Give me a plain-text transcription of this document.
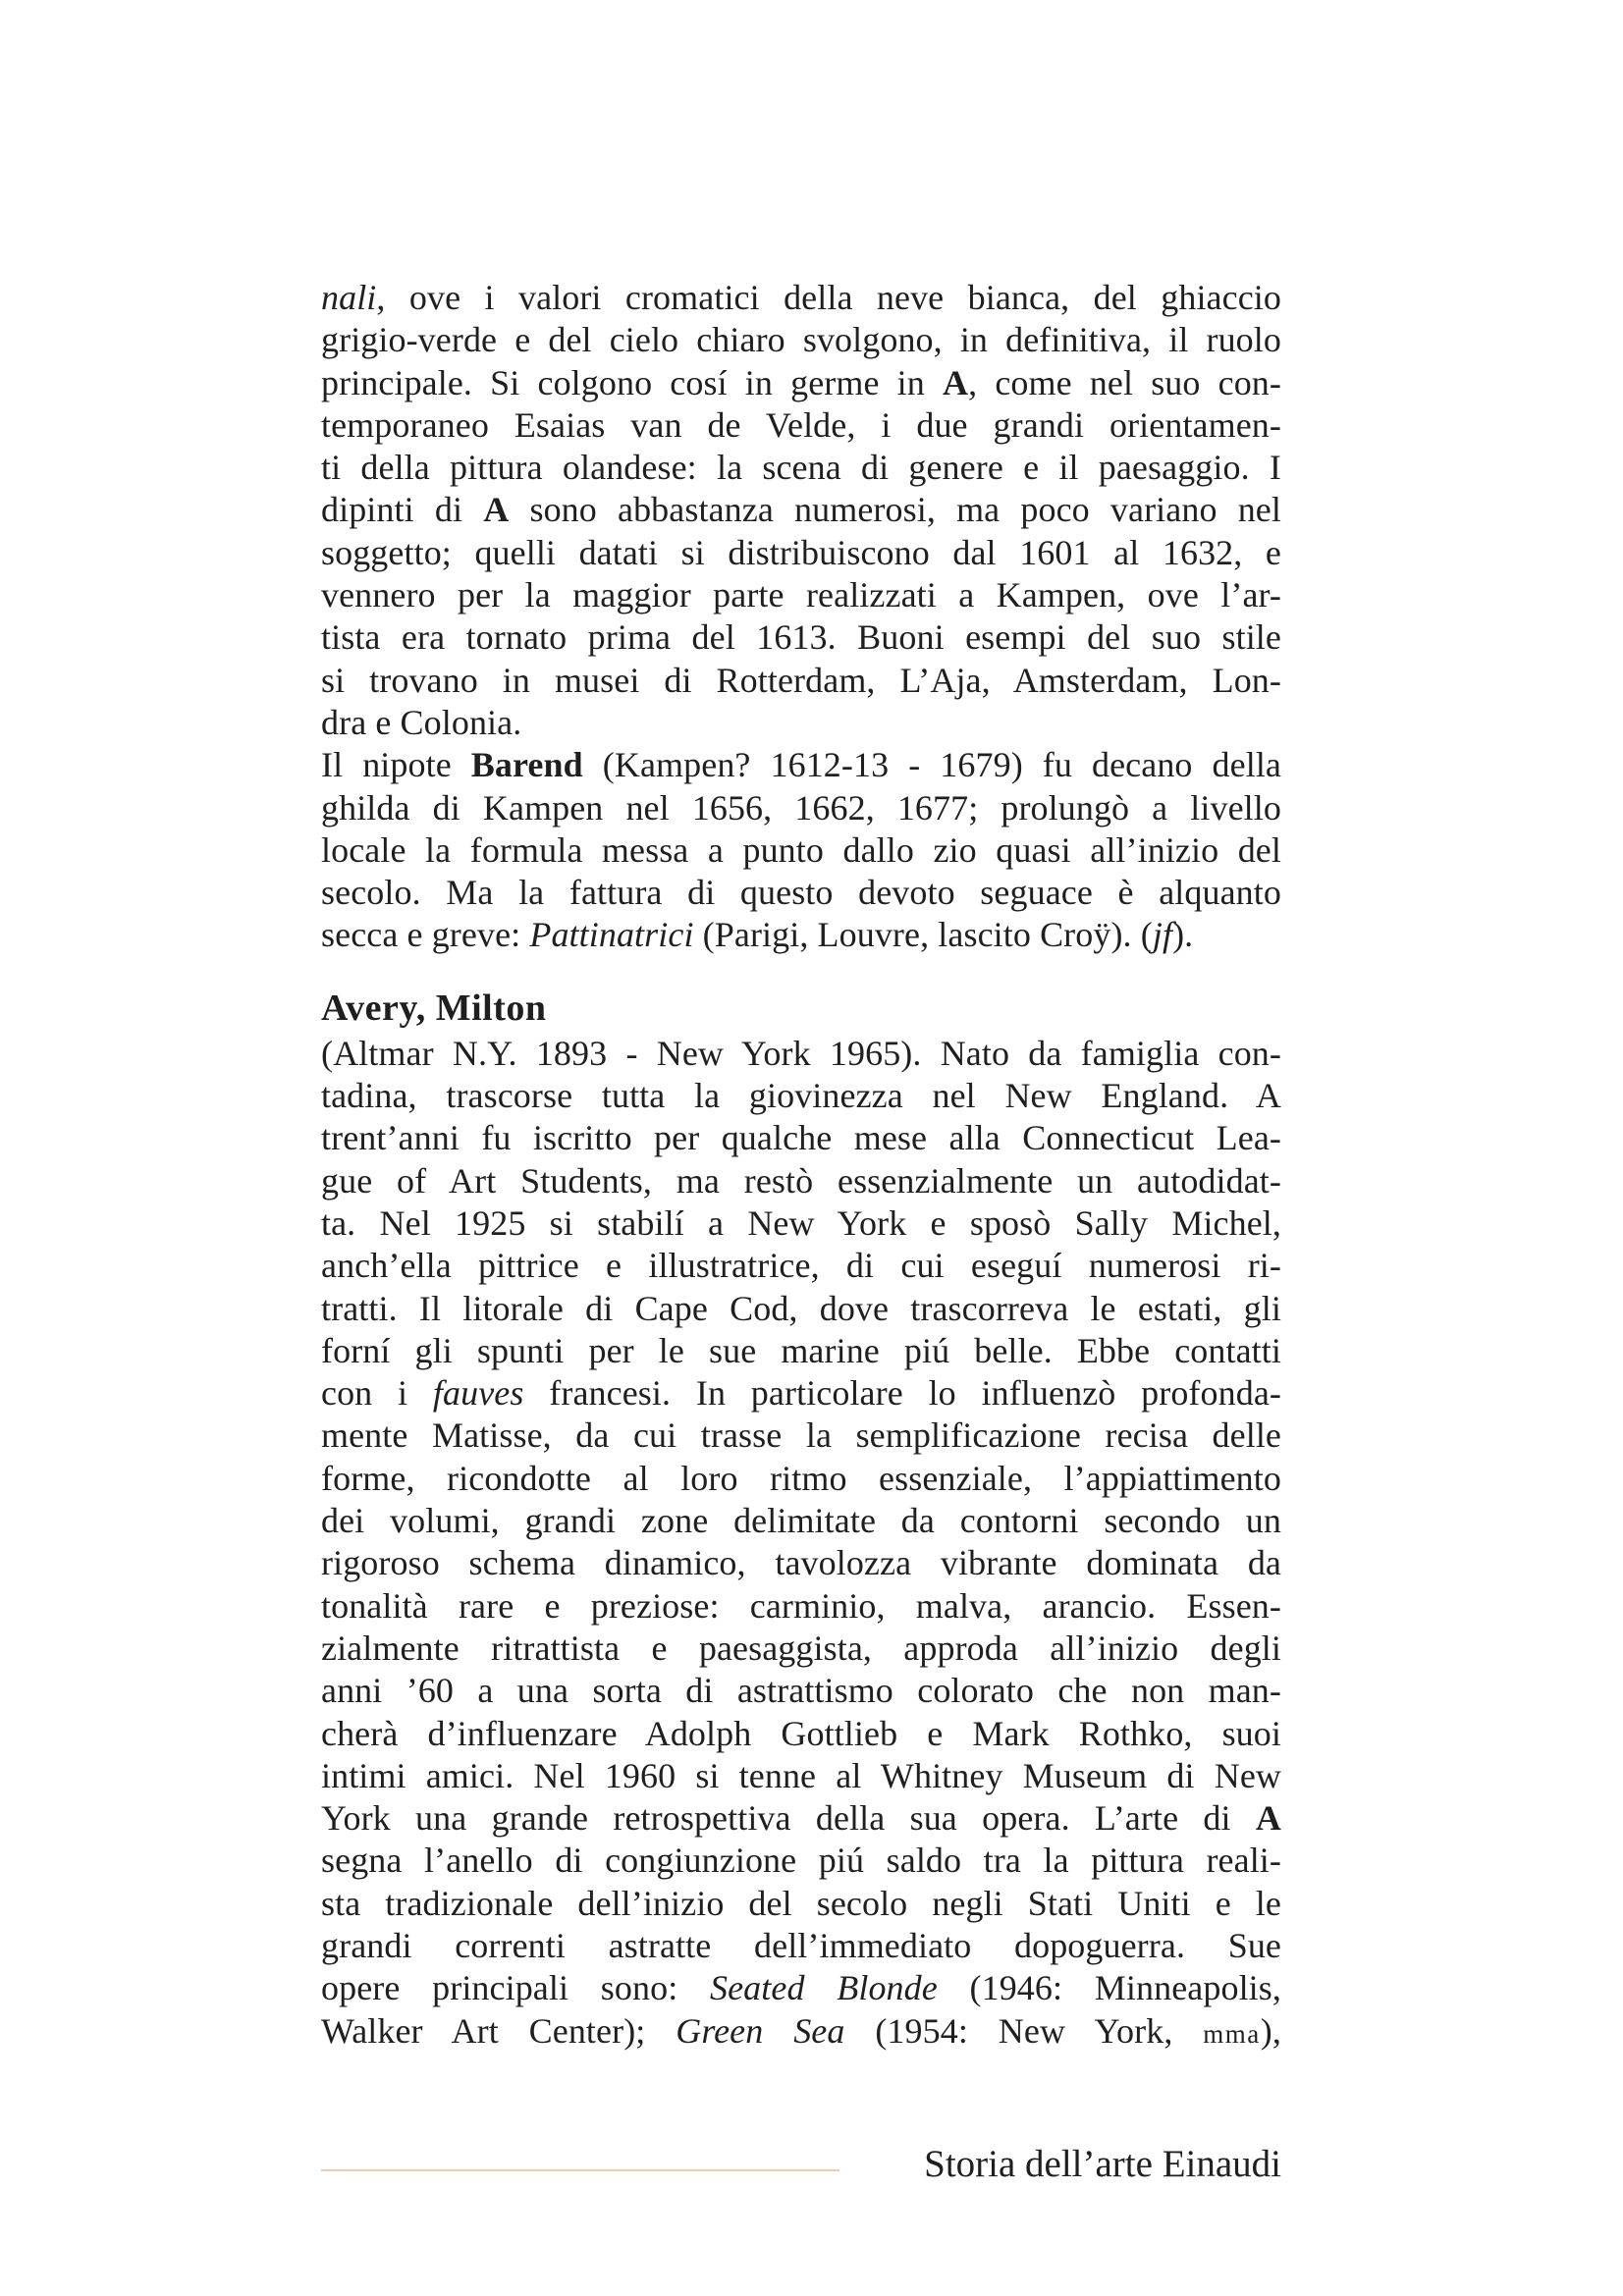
nali, ove i valori cromatici della neve bianca, del ghiaccio
grigio-verde e del cielo chiaro svolgono, in definitiva, il ruolo
principale. Si colgono cosí in germe in A, come nel suo con-
temporaneo Esaias van de Velde, i due grandi orientamen-
ti della pittura olandese: la scena di genere e il paesaggio. I
dipinti di A sono abbastanza numerosi, ma poco variano nel
soggetto; quelli datati si distribuiscono dal 1601 al 1632, e
vennero per la maggior parte realizzati a Kampen, ove l’ar-
tista era tornato prima del 1613. Buoni esempi del suo stile
si trovano in musei di Rotterdam, L’Aja, Amsterdam, Lon-
dra e Colonia.
Il nipote Barend (Kampen? 1612-13 - 1679) fu decano della
ghilda di Kampen nel 1656, 1662, 1677; prolungò a livello
locale la formula messa a punto dallo zio quasi all’inizio del
secolo. Ma la fattura di questo devoto seguace è alquanto
secca e greve: Pattinatrici (Parigi, Louvre, lascito Croÿ). (jf).
Avery, Milton
(Altmar N.Y. 1893 - New York 1965). Nato da famiglia con-
tadina, trascorse tutta la giovinezza nel New England. A
trent’anni fu iscritto per qualche mese alla Connecticut Lea-
gue of Art Students, ma restò essenzialmente un autodidat-
ta. Nel 1925 si stabilí a New York e sposò Sally Michel,
anch’ella pittrice e illustratrice, di cui eseguí numerosi ri-
tratti. Il litorale di Cape Cod, dove trascorreva le estati, gli
forní gli spunti per le sue marine piú belle. Ebbe contatti
con i fauves francesi. In particolare lo influenzò profonda-
mente Matisse, da cui trasse la semplificazione recisa delle
forme, ricondotte al loro ritmo essenziale, l’appiattimento
dei volumi, grandi zone delimitate da contorni secondo un
rigoroso schema dinamico, tavolozza vibrante dominata da
tonalità rare e preziose: carminio, malva, arancio. Essen-
zialmente ritrattista e paesaggista, approda all’inizio degli
anni ’60 a una sorta di astrattismo colorato che non man-
cherà d’influenzare Adolph Gottlieb e Mark Rothko, suoi
intimi amici. Nel 1960 si tenne al Whitney Museum di New
York una grande retrospettiva della sua opera. L’arte di A
segna l’anello di congiunzione piú saldo tra la pittura reali-
sta tradizionale dell’inizio del secolo negli Stati Uniti e le
grandi correnti astratte dell’immediato dopoguerra. Sue
opere principali sono: Seated Blonde (1946: Minneapolis,
Walker Art Center); Green Sea (1954: New York, mma),
Storia dell’arte Einaudi
